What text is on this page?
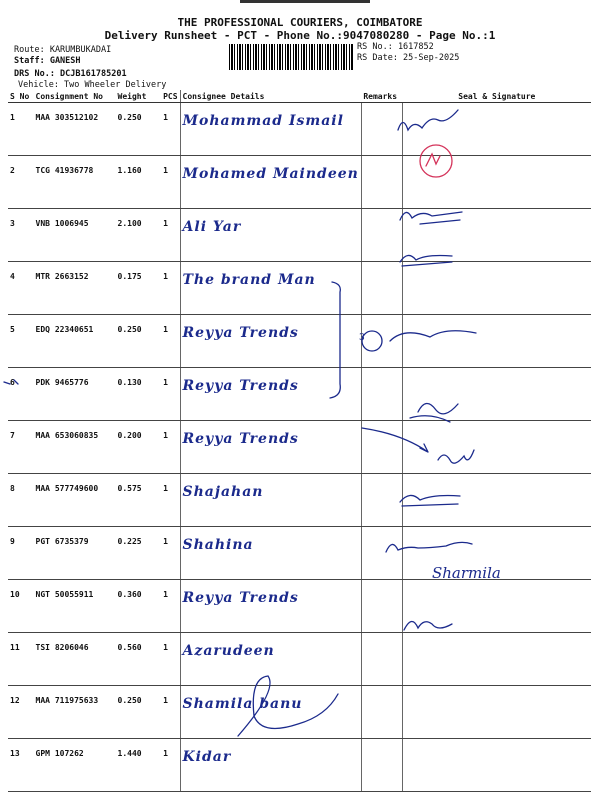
THE PROFESSIONAL COURIERS, COIMBATORE
Delivery Runsheet - PCT - Phone No.:9047080280 - Page No.:1
Route: KARUMBUKADAI
Staff: GANESH
DRS No.: DCJB161785201
Vehicle: Two Wheeler Delivery
RS No.: 1617852
RS Date: 25-Sep-2025
S No	Consignment No	Weight	PCS	Consignee Details	Remarks	Seal & Signature
1	MAA 303512102	0.250	1	Mohammad Ismail		
2	TCG 41936778	1.160	1	Mohamed Maindeen		
3	VNB 1006945	2.100	1	Ali Yar		
4	MTR 2663152	0.175	1	The brand Man		
5	EDQ 22340651	0.250	1	Reyya Trends		
6	PDK 9465776	0.130	1	Reyya Trends		
7	MAA 653060835	0.200	1	Reyya Trends		
8	MAA 577749600	0.575	1	Shajahan		
9	PGT 6735379	0.225	1	Shahina		
10	NGT 50055911	0.360	1	Reyya Trends		
11	TSI 8206046	0.560	1	Azarudeen		
12	MAA 711975633	0.250	1	Shamila banu		
13	GPM 107262	1.440	1	Kidar		
3
Sharmila
